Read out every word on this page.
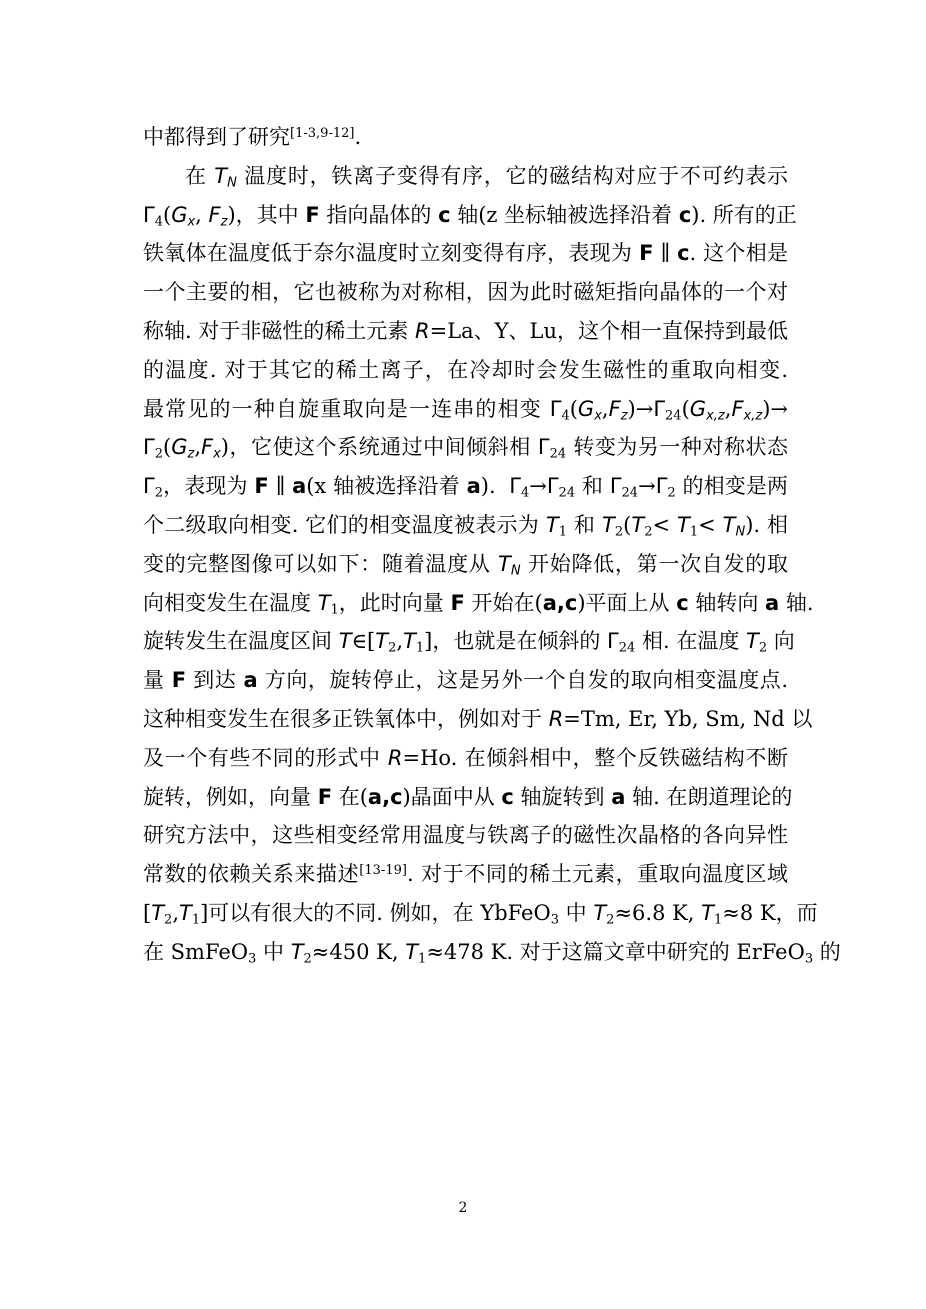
中都得到了研究[1-3,9-12].
在 $T_N$ 温度时，铁离子变得有序，它的磁结构对应于不可约表示
$\Gamma_4(G_x$, $F_z$)，其中 F 指向晶体的 c 轴(z 坐标轴被选择沿着 c). 所有的正
铁氧体在温度低于奈尔温度时立刻变得有序，表现为 F ∥ c. 这个相是
一个主要的相，它也被称为对称相，因为此时磁矩指向晶体的一个对
称轴. 对于非磁性的稀土元素 R=La、Y、Lu，这个相一直保持到最低
的温度. 对于其它的稀土离子，在冷却时会发生磁性的重取向相变.
最常见的一种自旋重取向是一连串的相变 $\Gamma_4(G_x,F_z)\to\Gamma_{24}(G_{x,z},F_{x,z})\to$
$\Gamma_2(G_z,F_x)$，它使这个系统通过中间倾斜相 $\Gamma_{24}$ 转变为另一种对称状态
$\Gamma_2$，表现为 F ∥ a(x 轴被选择沿着 a).  $\Gamma_4\to\Gamma_{24}$ 和 $\Gamma_{24}\to\Gamma_2$ 的相变是两
个二级取向相变. 它们的相变温度被表示为 $T_1$ 和 $T_2(T_2< T_1< T_N)$. 相
变的完整图像可以如下：随着温度从 $T_N$ 开始降低，第一次自发的取
向相变发生在温度 $T_1$，此时向量 F 开始在(a,c)平面上从 c 轴转向 a 轴.
旋转发生在温度区间 $T\in[T_2,T_1]$，也就是在倾斜的 $\Gamma_{24}$ 相. 在温度 $T_2$ 向
量 F 到达 a 方向，旋转停止，这是另外一个自发的取向相变温度点.
这种相变发生在很多正铁氧体中，例如对于 R=Tm, Er, Yb, Sm, Nd 以
及一个有些不同的形式中 R=Ho. 在倾斜相中，整个反铁磁结构不断
旋转，例如，向量 F 在(a,c)晶面中从 c 轴旋转到 a 轴. 在朗道理论的
研究方法中，这些相变经常用温度与铁离子的磁性次晶格的各向异性
常数的依赖关系来描述[13-19]. 对于不同的稀土元素，重取向温度区域
$[T_2,T_1]$可以有很大的不同. 例如，在 YbFeO$_3$ 中 $T_2\approx 6.8$ K, $T_1\approx 8$ K，而
在 SmFeO$_3$ 中 $T_2\approx 450$ K, $T_1\approx 478$ K. 对于这篇文章中研究的 ErFeO$_3$ 的
2
